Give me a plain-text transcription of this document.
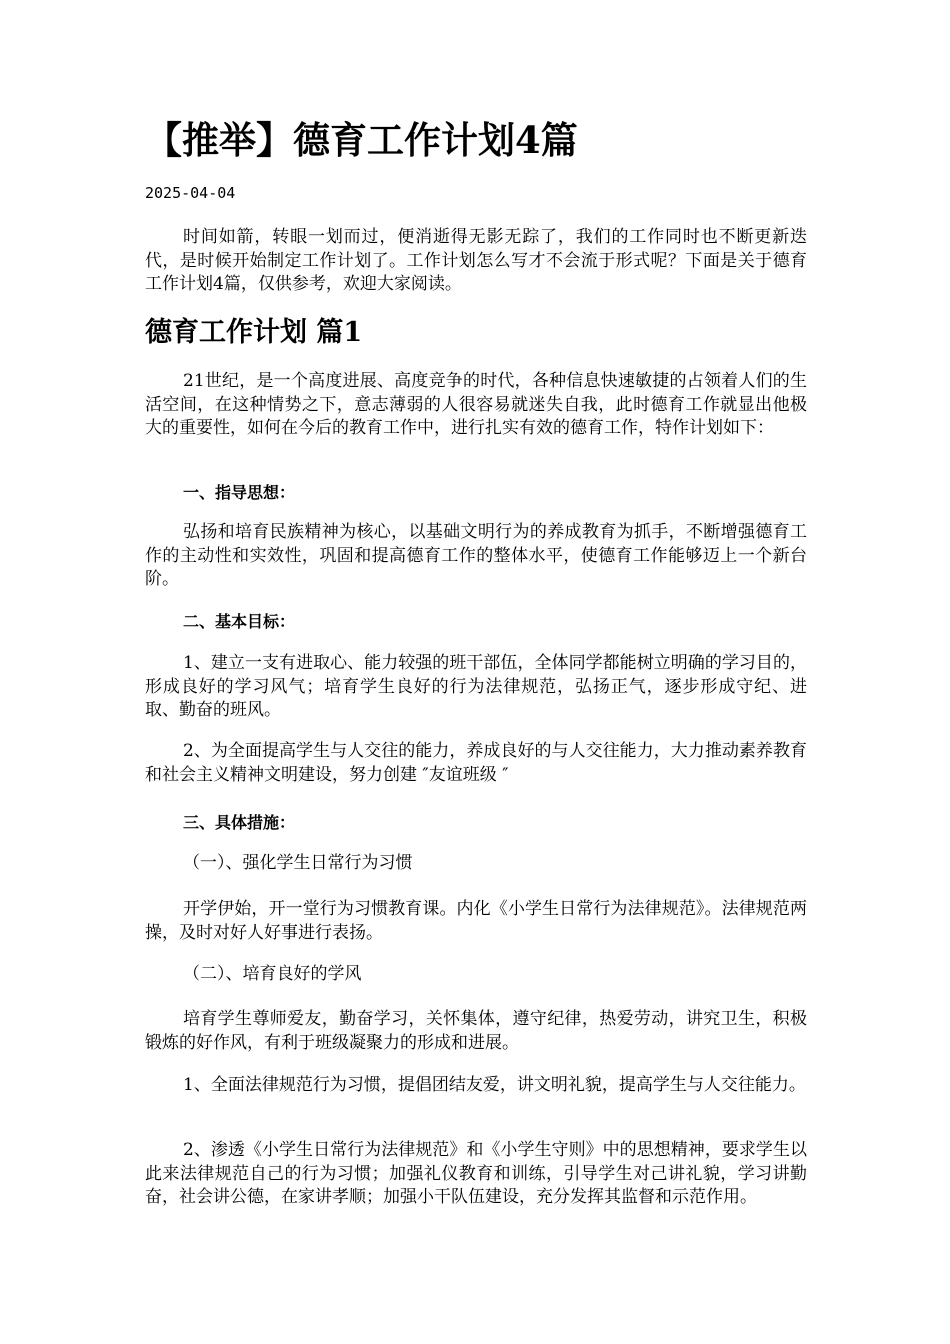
【推举】德育工作计划4篇
2025-04-04

时间如箭，转眼一划而过，便消逝得无影无踪了，我们的工作同时也不断更新迭代，是时候开始制定工作计划了。工作计划怎么写才不会流于形式呢？下面是关于德育工作计划4篇，仅供参考，欢迎大家阅读。

德育工作计划 篇1

21世纪，是一个高度进展、高度竞争的时代，各种信息快速敏捷的占领着人们的生活空间，在这种情势之下，意志薄弱的人很容易就迷失自我，此时德育工作就显出他极大的重要性，如何在今后的教育工作中，进行扎实有效的德育工作，特作计划如下：

一、指导思想：

弘扬和培育民族精神为核心，以基础文明行为的养成教育为抓手，不断增强德育工作的主动性和实效性，巩固和提高德育工作的整体水平，使德育工作能够迈上一个新台阶。

二、基本目标：

1、建立一支有进取心、能力较强的班干部伍，全体同学都能树立明确的学习目的，形成良好的学习风气；培育学生良好的行为法律规范，弘扬正气，逐步形成守纪、进取、勤奋的班风。

2、为全面提高学生与人交往的能力，养成良好的与人交往能力，大力推动素养教育和社会主义精神文明建设，努力创建 ″友谊班级 ″

三、具体措施：

（一）、强化学生日常行为习惯

开学伊始，开一堂行为习惯教育课。内化《小学生日常行为法律规范》。法律规范两操，及时对好人好事进行表扬。

（二）、培育良好的学风

培育学生尊师爱友，勤奋学习，关怀集体，遵守纪律，热爱劳动，讲究卫生，积极锻炼的好作风，有利于班级凝聚力的形成和进展。

1、全面法律规范行为习惯，提倡团结友爱，讲文明礼貌，提高学生与人交往能力。

2、渗透《小学生日常行为法律规范》和《小学生守则》中的思想精神，要求学生以此来法律规范自己的行为习惯；加强礼仪教育和训练，引导学生对己讲礼貌，学习讲勤奋，社会讲公德，在家讲孝顺；加强小干队伍建设，充分发挥其监督和示范作用。
